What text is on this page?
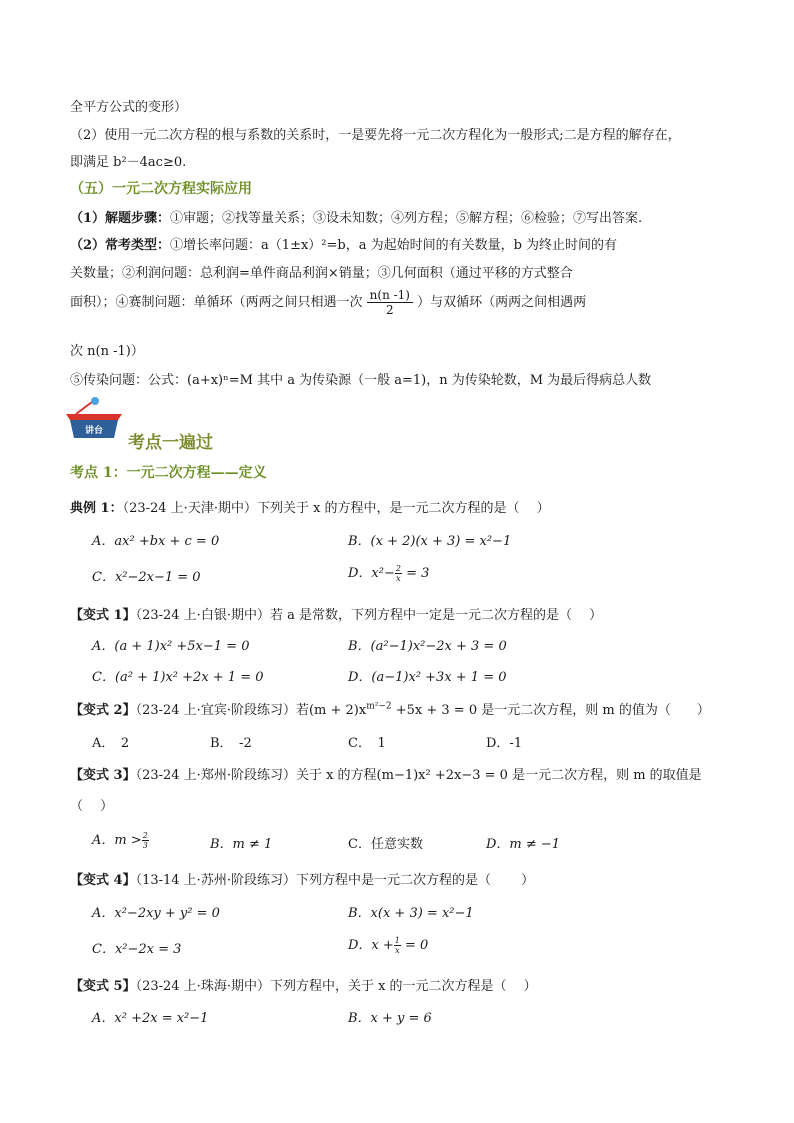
全平方公式的变形）
（2）使用一元二次方程的根与系数的关系时，一是要先将一元二次方程化为一般形式;二是方程的解存在，
即满足 b²－4ac≥0.
（五）一元二次方程实际应用
（1）解题步骤：①审题；②找等量关系；③设未知数；④列方程；⑤解方程；⑥检验；⑦写出答案.
（2）常考类型：①增长率问题：a（1±x）²=b，a 为起始时间的有关数量，b 为终止时间的有
关数量；②利润问题：总利润=单件商品利润×销量；③几何面积（通过平移的方式整合
面积）；④赛制问题：单循环（两两之间只相遇一次 $\frac{n(n -1)}{2}$ ）与双循环（两两之间相遇两
次 n(n -1)）
⑤传染问题：公式：(a+x)ⁿ=M 其中 a 为传染源（一般 a=1)，n 为传染轮数，M 为最后得病总人数
讲台
考点一遍过
考点 1：一元二次方程——定义
典例 1：（23-24 上·天津·期中）下列关于 x 的方程中，是一元二次方程的是（　 ）
A．ax² +bx + c = 0	B．(x + 2)(x + 3) = x²−1
C．x²−2x−1 = 0	D．$x^2- \frac{2}{x} = 3$
【变式 1】（23-24 上·白银·期中）若 a 是常数，下列方程中一定是一元二次方程的是（　 ）
A．(a + 1)x² +5x−1 = 0	B．(a²−1)x²−2x + 3 = 0
C．(a² + 1)x² +2x + 1 = 0	D．(a−1)x² +3x + 1 = 0
【变式 2】（23-24 上·宜宾·阶段练习）若$(m + 2)x^{m^2-2} +5x + 3 = 0$ 是一元二次方程，则 m 的值为（　　）
A．　2	B．　-2	C．　1	D．-1
【变式 3】（23-24 上·郑州·阶段练习）关于 x 的方程(m−1)x² +2x−3 = 0 是一元二次方程，则 m 的取值是
（　 ）
A．$m > \frac{2}{3}$	B．m ≠ 1	C．任意实数	D．m ≠ −1
【变式 4】（13-14 上·苏州·阶段练习）下列方程中是一元二次方程的是（　　 ）
A．x²−2xy + y² = 0	B．x(x + 3) = x²−1
C．x²−2x = 3	D．$x + \frac{1}{x} = 0$
【变式 5】（23-24 上·珠海·期中）下列方程中，关于 x 的一元二次方程是（　 ）
A．x² +2x = x²−1	B．x + y = 6
